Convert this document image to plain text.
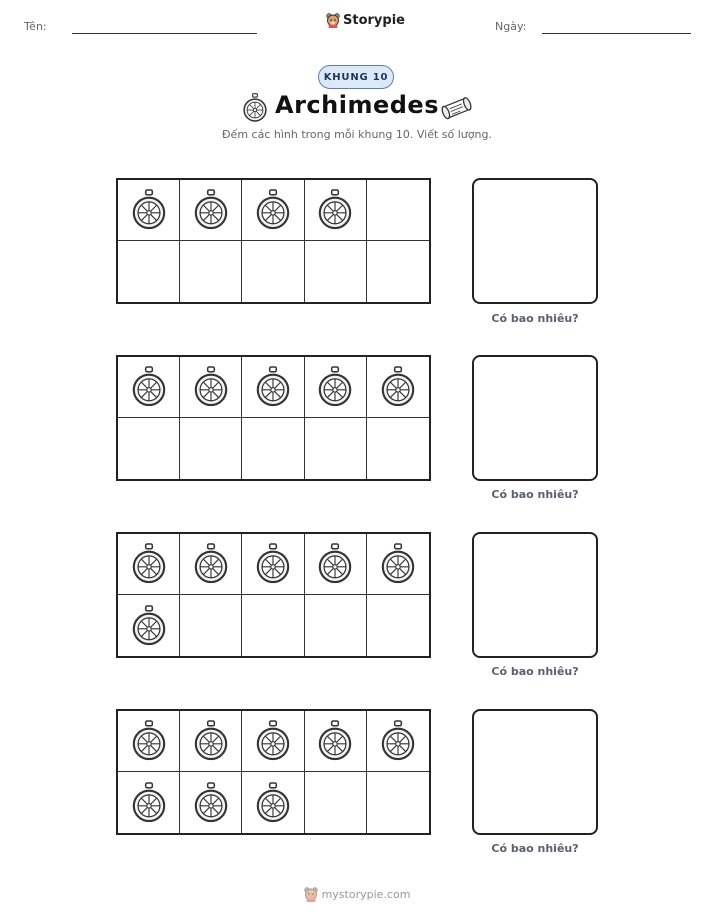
Tên:	Storypie	Ngày:
KHUNG 10
Archimedes
Đếm các hình trong mỗi khung 10. Viết số lượng.
Có bao nhiêu?
Có bao nhiêu?
Có bao nhiêu?
Có bao nhiêu?
mystorypie.com
